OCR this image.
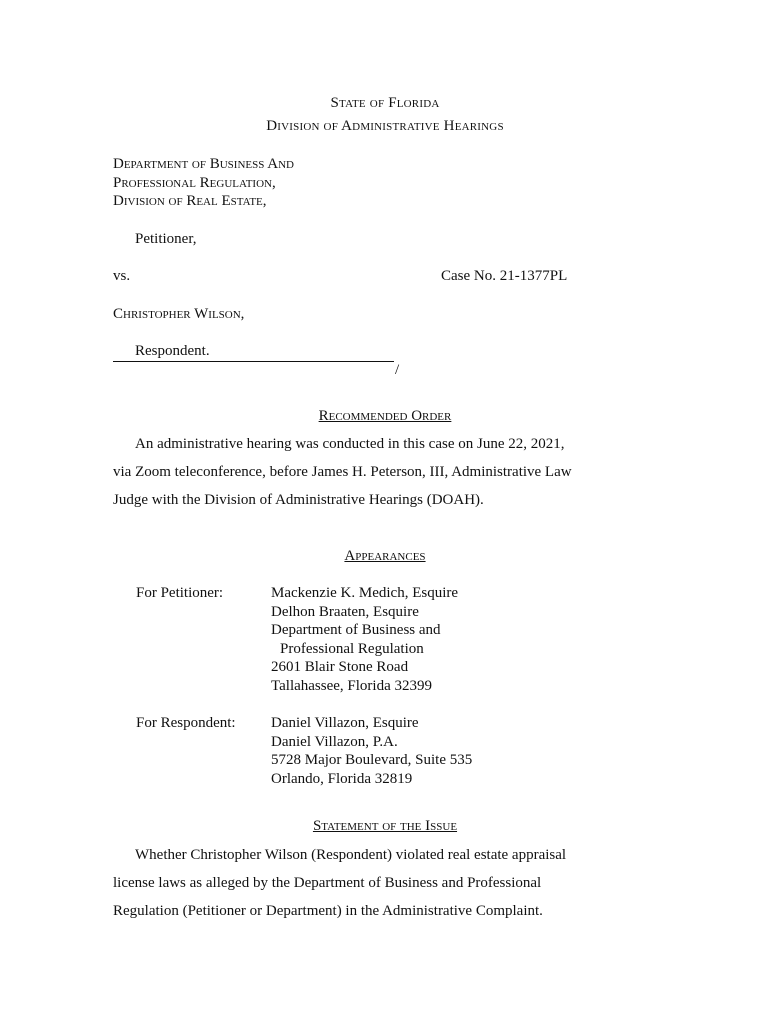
State of Florida
Division of Administrative Hearings
Department of Business And
Professional Regulation,
Division of Real Estate,
Petitioner,
vs.	Case No. 21-1377PL
Christopher Wilson,
Respondent.
/
Recommended Order
An administrative hearing was conducted in this case on June 22, 2021,
via Zoom teleconference, before James H. Peterson, III, Administrative Law
Judge with the Division of Administrative Hearings (DOAH).
Appearances
For Petitioner:	Mackenzie K. Medich, Esquire
Delhon Braaten, Esquire
Department of Business and
Professional Regulation
2601 Blair Stone Road
Tallahassee, Florida 32399
For Respondent: Daniel Villazon, Esquire
Daniel Villazon, P.A.
5728 Major Boulevard, Suite 535
Orlando, Florida 32819
Statement of the Issue
Whether Christopher Wilson (Respondent) violated real estate appraisal
license laws as alleged by the Department of Business and Professional
Regulation (Petitioner or Department) in the Administrative Complaint.
